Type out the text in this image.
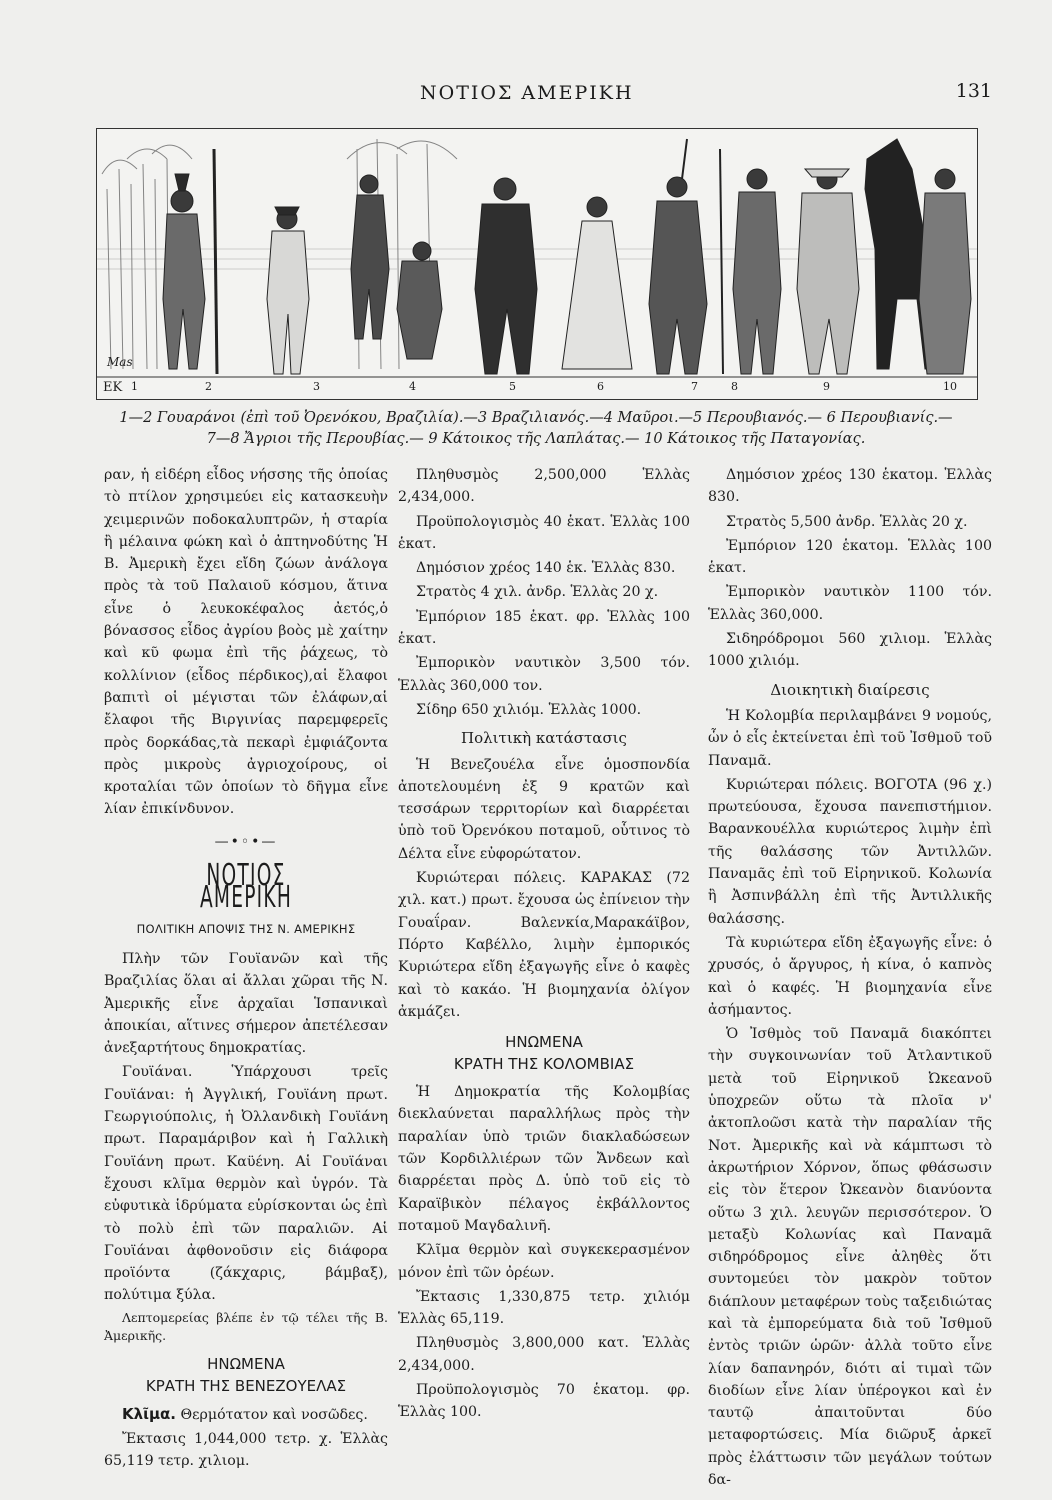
ΝΟΤΙΟΣ ΑΜΕΡΙΚΗ	131
ΕΚ
Mas
1	2	3	4	5	6	7	8	9	10
1—2 Γουαράνοι (ἐπὶ τοῦ Ὀρενόκου, Βραζιλία).—3 Βραζιλιανός.—4 Μαῦροι.—5 Περουβιανός.— 6 Περουβιανίς.—
7—8 Ἄγριοι τῆς Περουβίας.— 9 Κάτοικος τῆς Λαπλάτας.— 10 Κάτοικος τῆς Παταγονίας.

ραν, ἡ εἰδέρη εἶδος νήσσης τῆς ὁποίας τὸ πτίλον χρησιμεύει εἰς κατασκευὴν χειμερινῶν ποδοκαλυπτρῶν, ἡ σταρία ἢ μέλαινα φώκη καὶ ὁ ἀπτηνοδύτης Ἡ Β. Ἀμερικὴ ἔχει εἴδη ζώων ἀνάλογα πρὸς τὰ τοῦ Παλαιοῦ κόσμου, ἅτινα εἶνε ὁ λευκοκέφαλος ἀετός,ὁ βόνασσος εἶδος ἀγρίου βοὸς μὲ χαίτην καὶ κῦ φωμα ἐπὶ τῆς ῥάχεως, τὸ κολλίνιον (εἶδος πέρδικος),αἱ ἔλαφοι βαπιτὶ οἱ μέγισται τῶν ἐλάφων,αἱ ἔλαφοι τῆς Βιργινίας παρεμφερεῖς πρὸς δορκάδας,τὰ πεκαρὶ ἐμφιάζοντα πρὸς μικροὺς ἀγριοχοίρους, οἱ κροταλίαι τῶν ὁποίων τὸ δῆγμα εἶνε λίαν ἐπικίνδυνον.

—•◦•—
ΝΟΤΙΟΣ ΑΜΕΡΙΚΗ
ΠΟΛΙΤΙΚΗ ΑΠΟΨΙΣ ΤΗΣ Ν. ΑΜΕΡΙΚΗΣ

Πλὴν τῶν Γουϊανῶν καὶ τῆς Βραζιλίας ὅλαι αἱ ἄλλαι χῶραι τῆς Ν. Ἀμερικῆς εἶνε ἀρχαῖαι Ἱσπανικαὶ ἀποικίαι, αἵτινες σήμερον ἀπετέλεσαν ἀνεξαρτήτους δημοκρατίας.

Γουϊάναι. Ὑπάρχουσι τρεῖς Γουϊάναι: ἡ Ἀγγλική, Γουϊάνη πρωτ. Γεωργιούπολις, ἡ Ὀλλανδικὴ Γουϊάνη πρωτ. Παραμάριβον καὶ ἡ Γαλλικὴ Γουϊάνη πρωτ. Καϋένη. Αἱ Γουϊάναι ἔχουσι κλῖμα θερμὸν καὶ ὑγρόν. Τὰ εὐφυτικὰ ἱδρύματα εὑρίσκονται ὡς ἐπὶ τὸ πολὺ ἐπὶ τῶν παραλιῶν. Αἱ Γουϊάναι ἀφθονοῦσιν εἰς διάφορα προϊόντα (ζάκχαρις, βάμβαξ), πολύτιμα ξύλα.

Λεπτομερείας βλέπε ἐν τῷ τέλει τῆς Β. Ἀμερικῆς.

ΗΝΩΜΕΝΑ
ΚΡΑΤΗ ΤΗΣ ΒΕΝΕΖΟΥΕΛΑΣ

Κλῖμα. Θερμότατον καὶ νοσῶδες.

Ἔκτασις 1,044,000 τετρ. χ. Ἑλλὰς 65,119 τετρ. χιλιομ.

Πληθυσμὸς 2,500,000 Ἑλλὰς 2,434,000.

Προϋπολογισμὸς 40 ἑκατ. Ἑλλὰς 100 ἑκατ.

Δημόσιον χρέος 140 ἑκ. Ἑλλὰς 830.

Στρατὸς 4 χιλ. ἀνδρ. Ἑλλὰς 20 χ.

Ἐμπόριον 185 ἑκατ. φρ. Ἑλλὰς 100 ἑκατ.

Ἐμπορικὸν ναυτικὸν 3,500 τόν. Ἑλλὰς 360,000 τον.

Σίδηρ 650 χιλιόμ. Ἑλλὰς 1000.

Πολιτικὴ κατάστασις

Ἡ Βενεζουέλα εἶνε ὁμοσπονδία ἀποτελουμένη ἐξ 9 κρατῶν καὶ τεσσάρων τερριτορίων καὶ διαρρέεται ὑπὸ τοῦ Ὀρενόκου ποταμοῦ, οὗτινος τὸ Δέλτα εἶνε εὐφορώτατον.

Κυριώτεραι πόλεις. ΚΑΡΑΚΑΣ (72 χιλ. κατ.) πρωτ. ἔχουσα ὡς ἐπίνειον τὴν Γουαΐραν. Βαλενκία,Μαρακάϊβον, Πόρτο Καβέλλο, λιμὴν ἐμπορικός Κυριώτερα εἴδη ἐξαγωγῆς εἶνε ὁ καφὲς καὶ τὸ κακάο. Ἡ βιομηχανία ὀλίγον ἀκμάζει.

ΗΝΩΜΕΝΑ
ΚΡΑΤΗ ΤΗΣ ΚΟΛΟΜΒΙΑΣ

Ἡ Δημοκρατία τῆς Κολομβίας διεκλαύνεται παραλλήλως πρὸς τὴν παραλίαν ὑπὸ τριῶν διακλαδώσεων τῶν Κορδιλλιέρων τῶν Ἄνδεων καὶ διαρρέεται πρὸς Δ. ὑπὸ τοῦ εἰς τὸ Καραϊβικὸν πέλαγος ἐκβάλλοντος ποταμοῦ Μαγδαλινῆ.

Κλῖμα θερμὸν καὶ συγκεκερασμένον μόνον ἐπὶ τῶν ὀρέων.

Ἔκτασις 1,330,875 τετρ. χιλιόμ Ἑλλὰς 65,119.

Πληθυσμὸς 3,800,000 κατ. Ἑλλὰς 2,434,000.

Προϋπολογισμὸς 70 ἑκατομ. φρ. Ἑλλὰς 100.

Δημόσιον χρέος 130 ἑκατομ. Ἑλλὰς 830.

Στρατὸς 5,500 ἀνδρ. Ἑλλὰς 20 χ.

Ἐμπόριον 120 ἑκατομ. Ἑλλὰς 100 ἑκατ.

Ἐμπορικὸν ναυτικὸν 1100 τόν. Ἑλλὰς 360,000.

Σιδηρόδρομοι 560 χιλιομ. Ἑλλὰς 1000 χιλιόμ.

Διοικητικὴ διαίρεσις

Ἡ Κολομβία περιλαμβάνει 9 νομούς, ὧν ὁ εἷς ἐκτείνεται ἐπὶ τοῦ Ἰσθμοῦ τοῦ Παναμᾶ.

Κυριώτεραι πόλεις. ΒΟΓΟΤΑ (96 χ.) πρωτεύουσα, ἔχουσα πανεπιστήμιον. Βαρανκουέλλα κυριώτερος λιμὴν ἐπὶ τῆς θαλάσσης τῶν Ἀντιλλῶν. Παναμᾶς ἐπὶ τοῦ Εἰρηνικοῦ. Κολωνία ἢ Ἀσπινβάλλη ἐπὶ τῆς Ἀντιλλικῆς θαλάσσης.

Τὰ κυριώτερα εἴδη ἐξαγωγῆς εἶνε: ὁ χρυσός, ὁ ἄργυρος, ἡ κίνα, ὁ καπνὸς καὶ ὁ καφές. Ἡ βιομηχανία εἶνε ἀσήμαντος.

Ὁ Ἰσθμὸς τοῦ Παναμᾶ διακόπτει τὴν συγκοινωνίαν τοῦ Ἀτλαντικοῦ μετὰ τοῦ Εἰρηνικοῦ Ὠκεανοῦ ὑποχρεῶν οὕτω τὰ πλοῖα ν' ἀκτοπλοῶσι κατὰ τὴν παραλίαν τῆς Νοτ. Ἀμερικῆς καὶ νὰ κάμπτωσι τὸ ἀκρωτήριον Χόρνον, ὅπως φθάσωσιν εἰς τὸν ἕτερον Ὠκεανὸν διανύοντα οὕτω 3 χιλ. λευγῶν περισσότερον. Ὁ μεταξὺ Κολωνίας καὶ Παναμᾶ σιδηρόδρομος εἶνε ἀληθὲς ὅτι συντομεύει τὸν μακρὸν τοῦτον διάπλουν μεταφέρων τοὺς ταξειδιώτας καὶ τὰ ἐμπορεύματα διὰ τοῦ Ἰσθμοῦ ἐντὸς τριῶν ὡρῶν· ἀλλὰ τοῦτο εἶνε λίαν δαπανηρόν, διότι αἱ τιμαὶ τῶν διοδίων εἶνε λίαν ὑπέρογκοι καὶ ἐν ταυτῷ ἀπαιτοῦνται δύο μεταφορτώσεις. Μία διῶρυξ ἀρκεῖ πρὸς ἐλάττωσιν τῶν μεγάλων τούτων δα-
